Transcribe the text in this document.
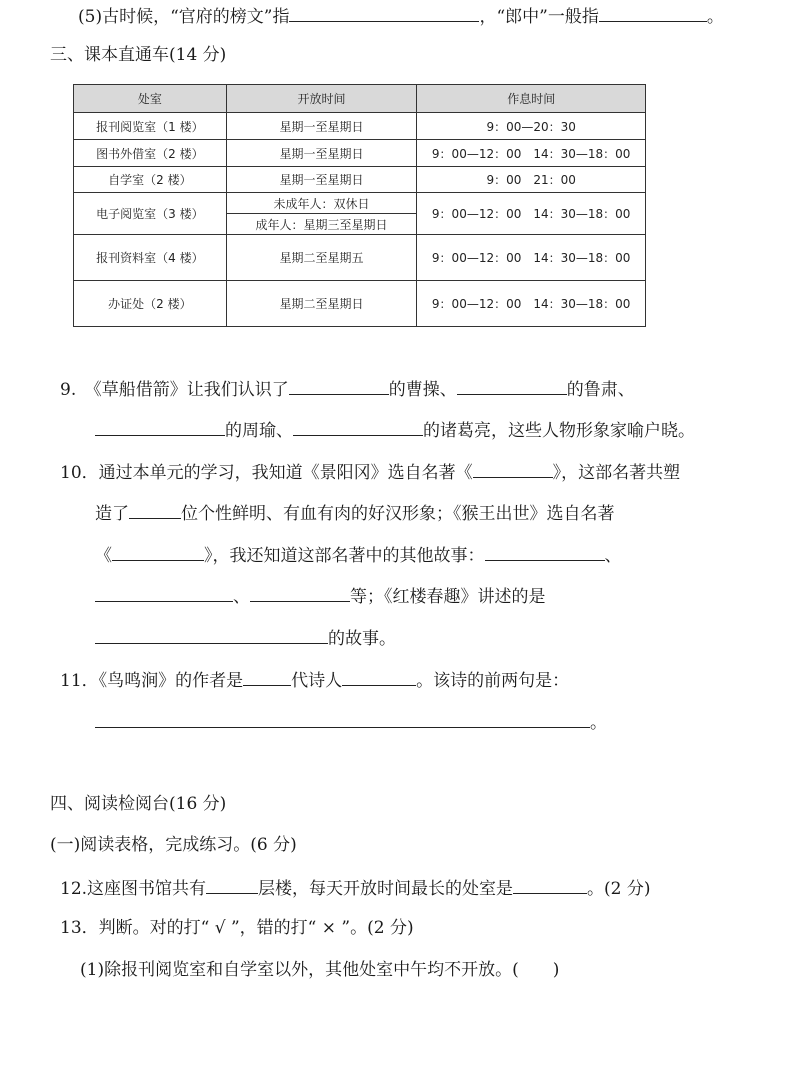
(5)古时候，“官府的榜文”指	，“郎中”一般指	。
三、课本直通车(14 分)
处室	开放时间	作息时间
报刊阅览室（1 楼）	星期一至星期日	9：00—20：30
图书外借室（2 楼）	星期一至星期日	9：00—12：00　14：30—18：00
自学室（2 楼）	星期一至星期日	9：00　21：00
电子阅览室（3 楼）	未成年人：双休日	9：00—12：00　14：30—18：00
	成年人：星期三至星期日	
报刊资料室（4 楼）	星期二至星期五	9：00—12：00　14：30—18：00
办证处（2 楼）	星期二至星期日	9：00—12：00　14：30—18：00
9.　《草船借箭》让我们认识了	的曹操、	的鲁肃、
的周瑜、	的诸葛亮，这些人物形象家喻户晓。
10．通过本单元的学习，我知道《景阳冈》选自名著《	》，这部名著共塑
造了	位个性鲜明、有血有肉的好汉形象；《猴王出世》选自名著
《	》，我还知道这部名著中的其他故事：	、
、	等；《红楼春趣》讲述的是
的故事。
11．《鸟鸣涧》的作者是	代诗人	。该诗的前两句是：
。
四、阅读检阅台(16 分)
(一)阅读表格，完成练习。(6 分)
12.这座图书馆共有	层楼，每天开放时间最长的处室是	。(2 分)
13．判断。对的打“ √ ”，错的打“ × ”。(2 分)
(1)除报刊阅览室和自学室以外，其他处室中午均不开放。(　　)
